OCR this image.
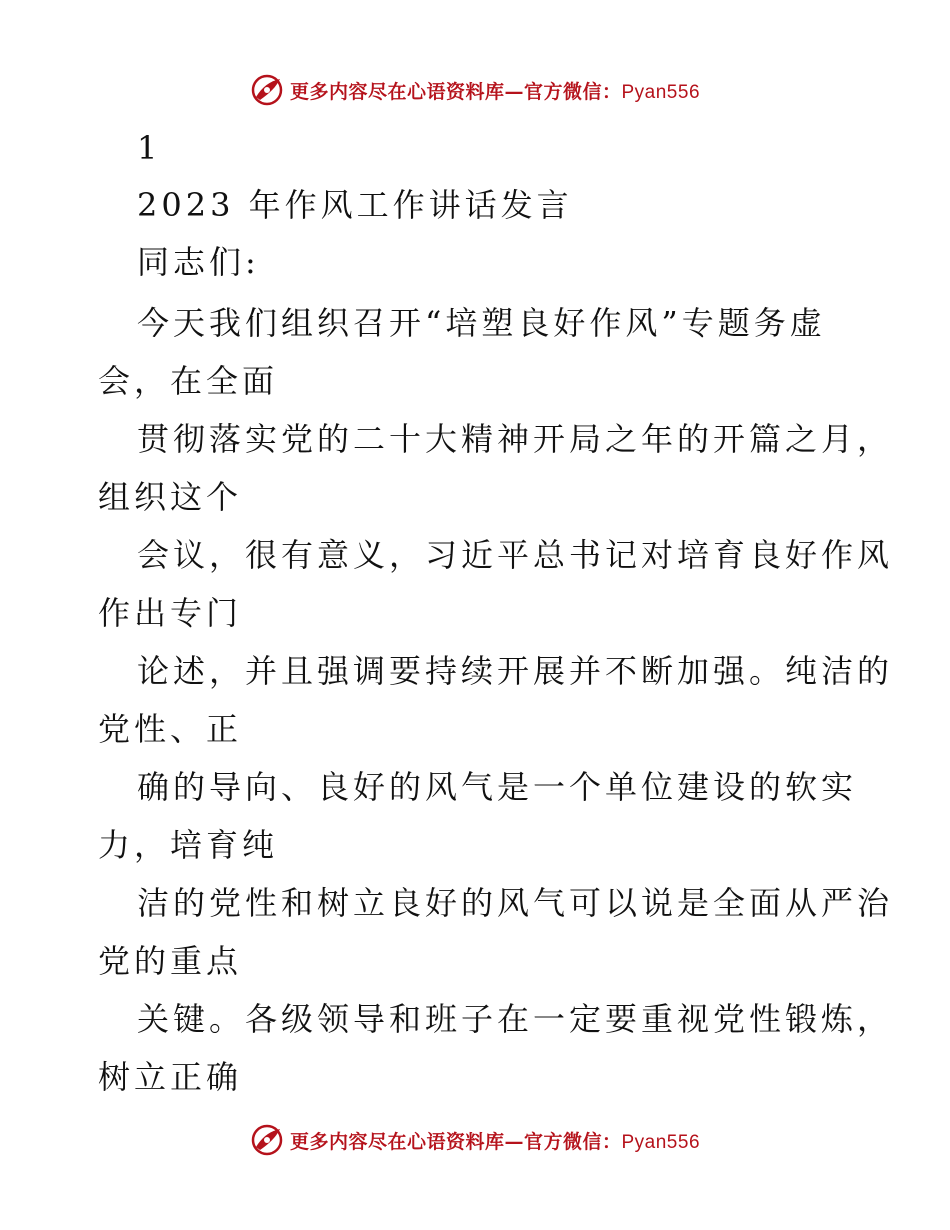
更多内容尽在心语资料库—官方微信：Pyan556
1
2023 年作风工作讲话发言
同志们:
今天我们组织召开“培塑良好作风”专题务虚
会，在全面
贯彻落实党的二十大精神开局之年的开篇之月，
组织这个
会议，很有意义，习近平总书记对培育良好作风
作出专门
论述，并且强调要持续开展并不断加强。纯洁的
党性、正
确的导向、良好的风气是一个单位建设的软实
力，培育纯
洁的党性和树立良好的风气可以说是全面从严治
党的重点
关键。各级领导和班子在一定要重视党性锻炼，
树立正确
更多内容尽在心语资料库—官方微信：Pyan556
